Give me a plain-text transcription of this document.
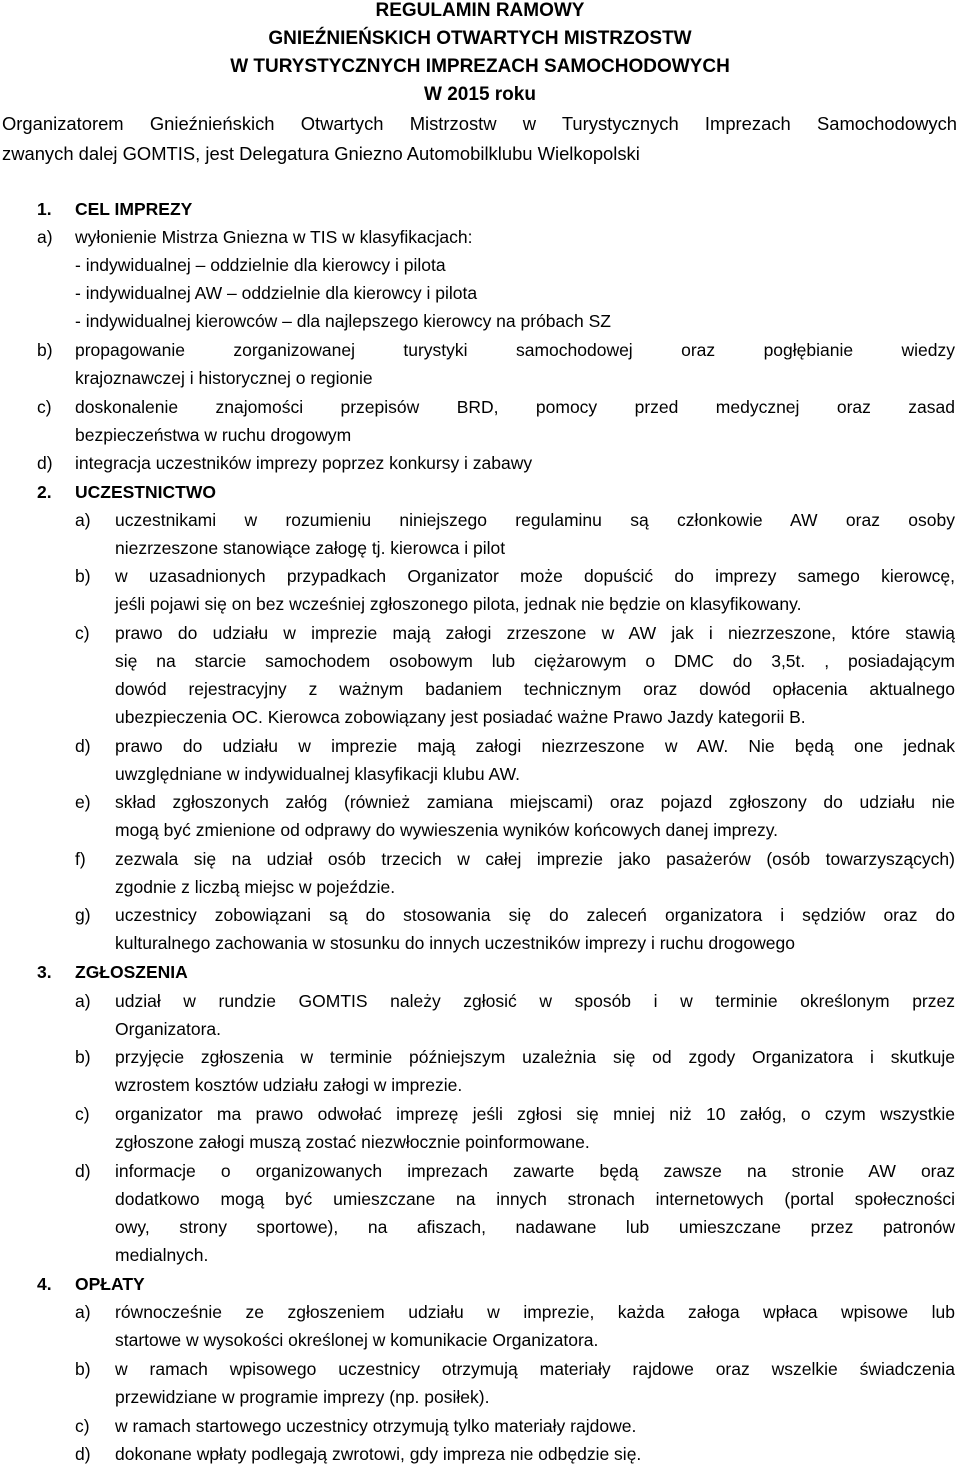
REGULAMIN RAMOWY
GNIEŹNIEŃSKICH OTWARTYCH MISTRZOSTW
W TURYSTYCZNYCH IMPREZACH SAMOCHODOWYCH
W 2015 roku
Organizatorem Gnieźnieńskich Otwartych Mistrzostw w Turystycznych Imprezach Samochodowych
zwanych dalej GOMTIS, jest Delegatura Gniezno Automobilklubu Wielkopolski
1. CEL IMPREZY
a) wyłonienie Mistrza Gniezna w TIS w klasyfikacjach:
- indywidualnej – oddzielnie dla kierowcy i pilota
- indywidualnej AW – oddzielnie dla kierowcy i pilota
- indywidualnej kierowców – dla najlepszego kierowcy na próbach SZ
b) propagowanie zorganizowanej turystyki samochodowej oraz pogłębianie wiedzy
krajoznawczej i historycznej o regionie
c) doskonalenie znajomości przepisów BRD, pomocy przed medycznej oraz zasad
bezpieczeństwa w ruchu drogowym
d) integracja uczestników imprezy poprzez konkursy i zabawy
2. UCZESTNICTWO
a) uczestnikami w rozumieniu niniejszego regulaminu są członkowie AW oraz osoby
niezrzeszone stanowiące załogę tj. kierowca i pilot
b) w uzasadnionych przypadkach Organizator może dopuścić do imprezy samego kierowcę,
jeśli pojawi się on bez wcześniej zgłoszonego pilota, jednak nie będzie on klasyfikowany.
c) prawo do udziału w imprezie mają załogi zrzeszone w AW jak i niezrzeszone, które stawią
się na starcie samochodem osobowym lub ciężarowym o DMC do 3,5t. , posiadającym
dowód rejestracyjny z ważnym badaniem technicznym oraz dowód opłacenia aktualnego
ubezpieczenia OC. Kierowca zobowiązany jest posiadać ważne Prawo Jazdy kategorii B.
d) prawo do udziału w imprezie mają załogi niezrzeszone w AW. Nie będą one jednak
uwzględniane w indywidualnej klasyfikacji klubu AW.
e) skład zgłoszonych załóg (również zamiana miejscami) oraz pojazd zgłoszony do udziału nie
mogą być zmienione od odprawy do wywieszenia wyników końcowych danej imprezy.
f) zezwala się na udział osób trzecich w całej imprezie jako pasażerów (osób towarzyszących)
zgodnie z liczbą miejsc w pojeździe.
g) uczestnicy zobowiązani są do stosowania się do zaleceń organizatora i sędziów oraz do
kulturalnego zachowania w stosunku do innych uczestników imprezy i ruchu drogowego
3. ZGŁOSZENIA
a) udział w rundzie GOMTIS należy zgłosić w sposób i w terminie określonym przez
Organizatora.
b) przyjęcie zgłoszenia w terminie późniejszym uzależnia się od zgody Organizatora i skutkuje
wzrostem kosztów udziału załogi w imprezie.
c) organizator ma prawo odwołać imprezę jeśli zgłosi się mniej niż 10 załóg, o czym wszystkie
zgłoszone załogi muszą zostać niezwłocznie poinformowane.
d) informacje o organizowanych imprezach zawarte będą zawsze na stronie AW oraz
dodatkowo mogą być umieszczane na innych stronach internetowych (portal społeczności
owy, strony sportowe), na afiszach, nadawane lub umieszczane przez patronów
medialnych.
4. OPŁATY
a) równocześnie ze zgłoszeniem udziału w imprezie, każda załoga wpłaca wpisowe lub
startowe w wysokości określonej w komunikacie Organizatora.
b) w ramach wpisowego uczestnicy otrzymują materiały rajdowe oraz wszelkie świadczenia
przewidziane w programie imprezy (np. posiłek).
c) w ramach startowego uczestnicy otrzymują tylko materiały rajdowe.
d) dokonane wpłaty podlegają zwrotowi, gdy impreza nie odbędzie się.
